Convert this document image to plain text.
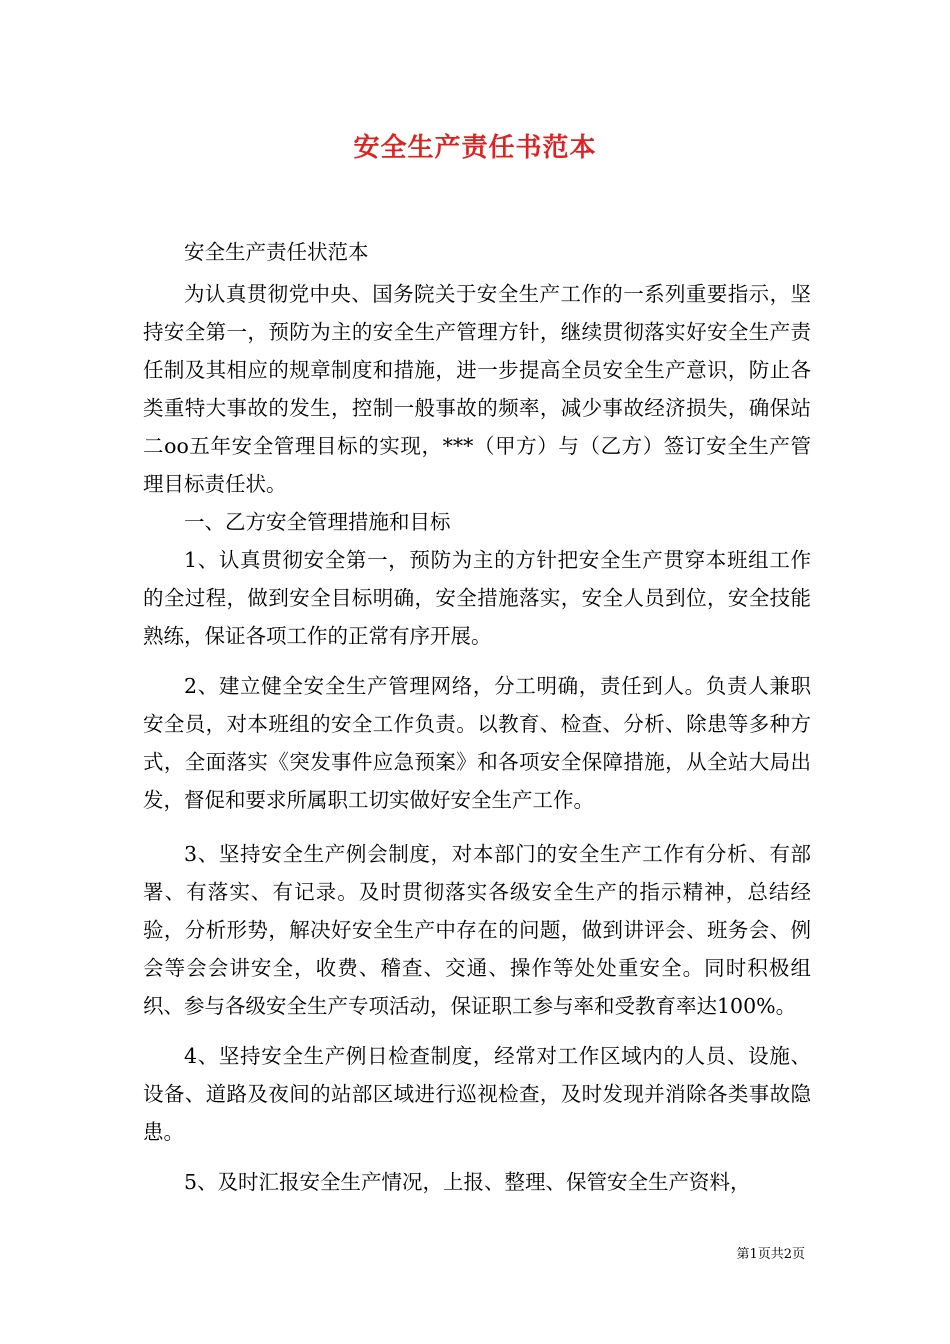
安全生产责任书范本

安全生产责任状范本

为认真贯彻党中央、国务院关于安全生产工作的一系列重要指示，坚持安全第一，预防为主的安全生产管理方针，继续贯彻落实好安全生产责任制及其相应的规章制度和措施，进一步提高全员安全生产意识，防止各类重特大事故的发生，控制一般事故的频率，减少事故经济损失，确保站二oo五年安全管理目标的实现，***（甲方）与（乙方）签订安全生产管理目标责任状。

一、乙方安全管理措施和目标

1、认真贯彻安全第一，预防为主的方针把安全生产贯穿本班组工作的全过程，做到安全目标明确，安全措施落实，安全人员到位，安全技能熟练，保证各项工作的正常有序开展。

2、建立健全安全生产管理网络，分工明确，责任到人。负责人兼职安全员，对本班组的安全工作负责。以教育、检查、分析、除患等多种方式，全面落实《突发事件应急预案》和各项安全保障措施，从全站大局出发，督促和要求所属职工切实做好安全生产工作。

3、坚持安全生产例会制度，对本部门的安全生产工作有分析、有部署、有落实、有记录。及时贯彻落实各级安全生产的指示精神，总结经验，分析形势，解决好安全生产中存在的问题，做到讲评会、班务会、例会等会会讲安全，收费、稽查、交通、操作等处处重安全。同时积极组织、参与各级安全生产专项活动，保证职工参与率和受教育率达100%。

4、坚持安全生产例日检查制度，经常对工作区域内的人员、设施、设备、道路及夜间的站部区域进行巡视检查，及时发现并消除各类事故隐患。

5、及时汇报安全生产情况，上报、整理、保管安全生产资料，

第1页共2页
